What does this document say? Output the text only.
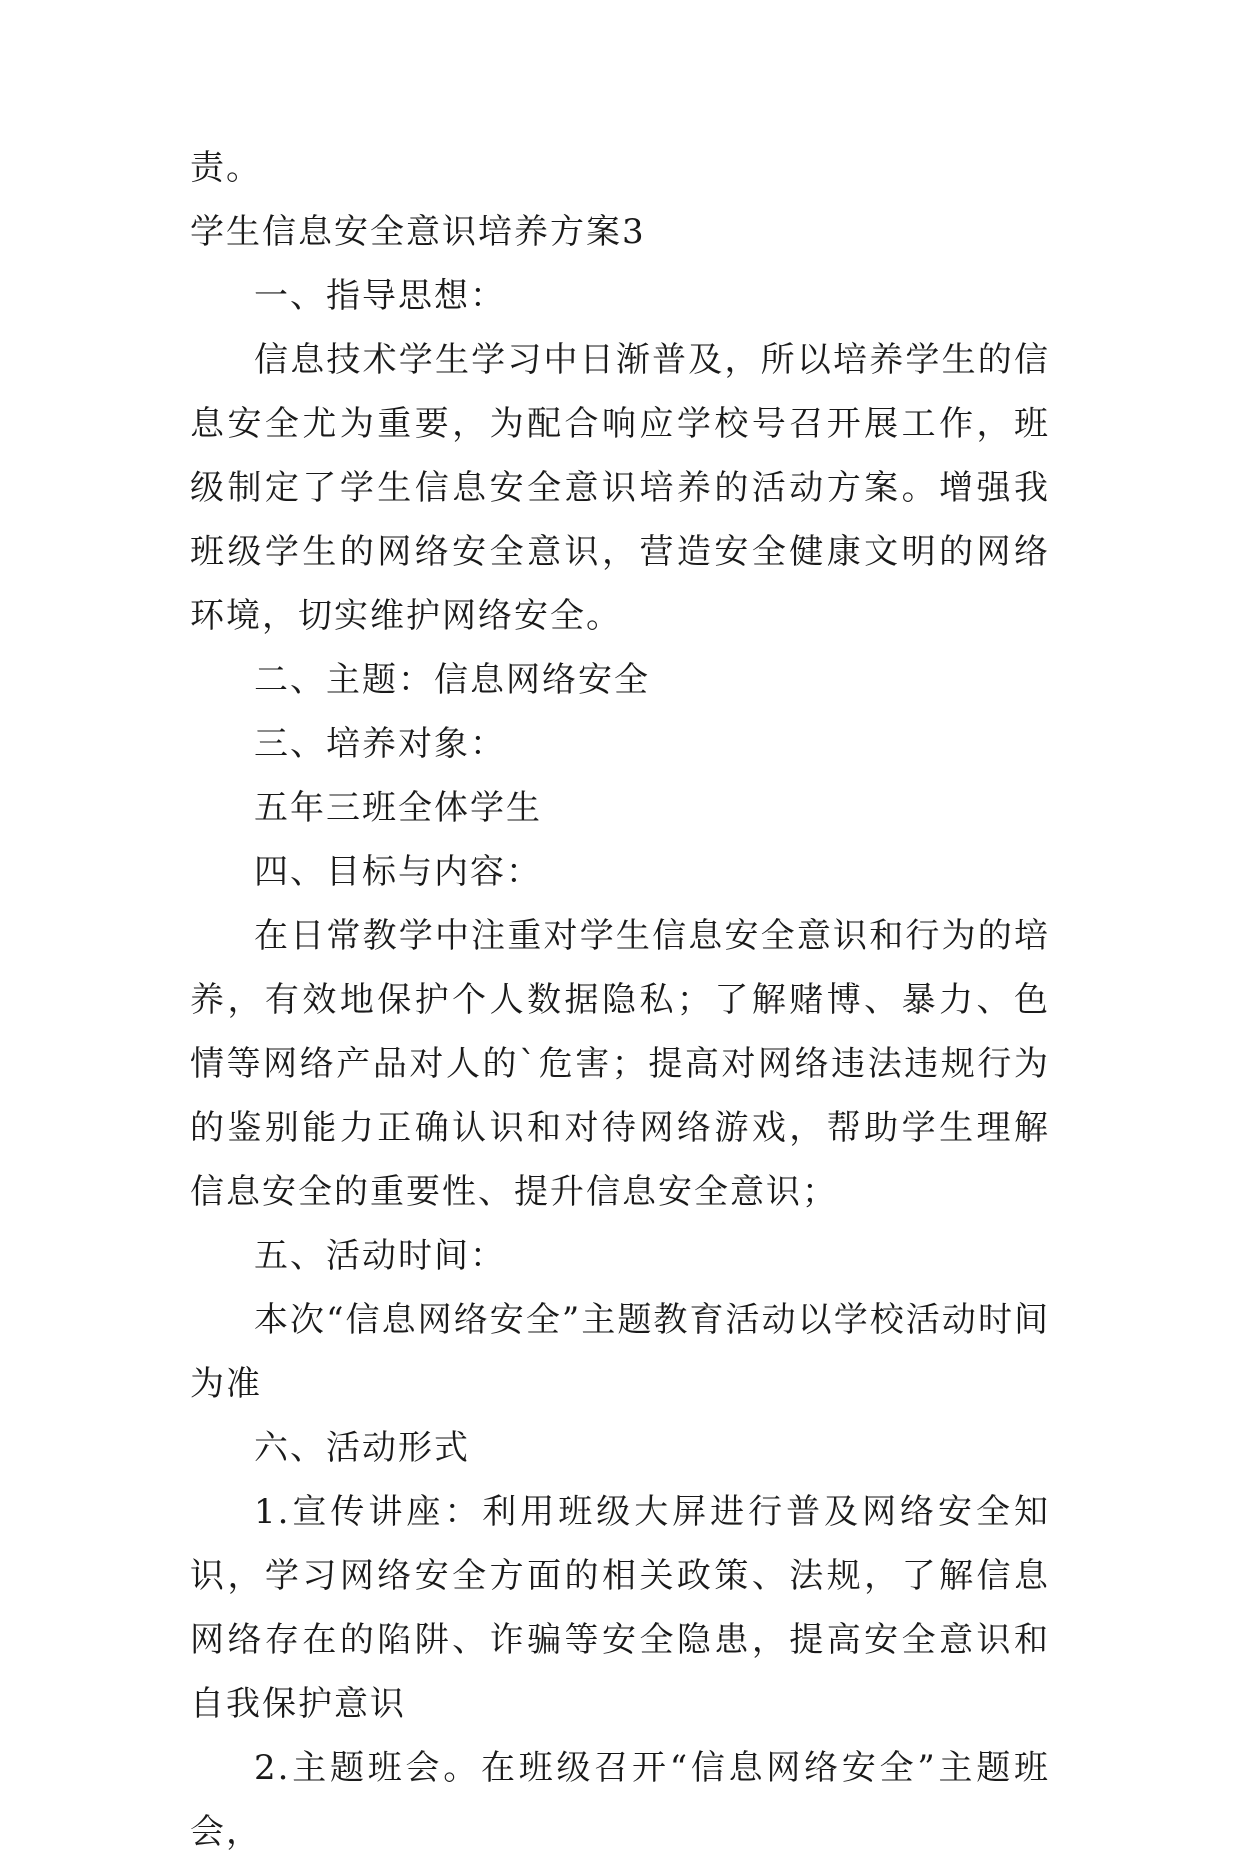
责。

学生信息安全意识培养方案3

一、指导思想：

信息技术学生学习中日渐普及，所以培养学生的信息安全尤为重要，为配合响应学校号召开展工作，班级制定了学生信息安全意识培养的活动方案。增强我班级学生的网络安全意识，营造安全健康文明的网络环境，切实维护网络安全。

二、主题：信息网络安全

三、培养对象：

五年三班全体学生

四、目标与内容：

在日常教学中注重对学生信息安全意识和行为的培养，有效地保护个人数据隐私；了解赌博、暴力、色情等网络产品对人的`危害；提高对网络违法违规行为的鉴别能力正确认识和对待网络游戏，帮助学生理解信息安全的重要性、提升信息安全意识；

五、活动时间：

本次“信息网络安全”主题教育活动以学校活动时间为准

六、活动形式

1.宣传讲座：利用班级大屏进行普及网络安全知识，学习网络安全方面的相关政策、法规，了解信息网络存在的陷阱、诈骗等安全隐患，提高安全意识和自我保护意识

2.主题班会。在班级召开“信息网络安全”主题班会，
